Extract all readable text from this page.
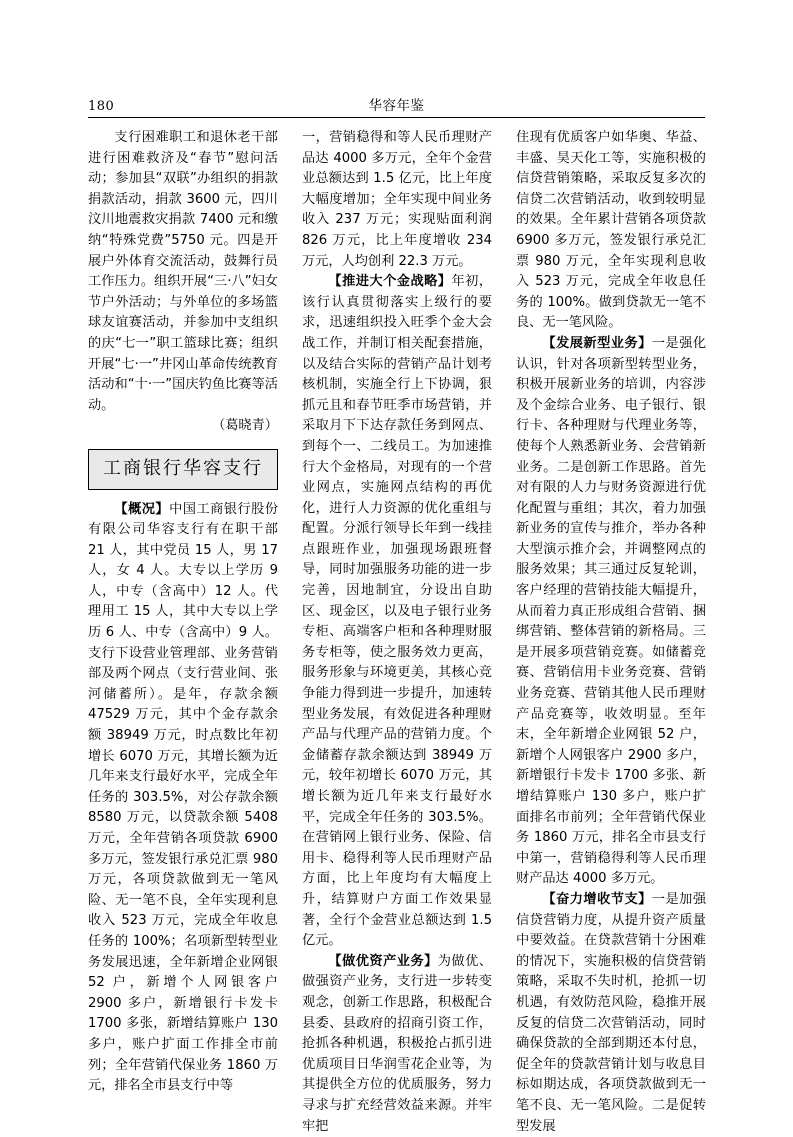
180	华容年鉴

支行困难职工和退休老干部进行困难救济及“春节”慰问活动；参加县“双联”办组织的捐款捐款活动，捐款 3600 元，四川汶川地震救灾捐款 7400 元和缴纳“特殊党费”5750 元。四是开展户外体育交流活动，鼓舞行员工作压力。组织开展“三·八”妇女节户外活动；与外单位的多场篮球友谊赛活动，并参加中支组织的庆“七一”职工篮球比赛；组织开展“七·一”井冈山革命传统教育活动和“十·一”国庆钓鱼比赛等活动。

（葛晓青）

工商银行华容支行

【概况】中国工商银行股份有限公司华容支行有在职干部 21 人，其中党员 15 人，男 17 人，女 4 人。大专以上学历 9 人，中专（含高中）12 人。代理用工 15 人，其中大专以上学历 6 人、中专（含高中）9 人。支行下设营业管理部、业务营销部及两个网点（支行营业间、张河储蓄所）。是年，存款余额 47529 万元，其中个金存款余额 38949 万元，时点数比年初增长 6070 万元，其增长额为近几年来支行最好水平，完成全年任务的 303.5%，对公存款余额 8580 万元，以贷款余额 5408 万元，全年营销各项贷款 6900 多万元，签发银行承兑汇票 980 万元，各项贷款做到无一笔风险、无一笔不良，全年实现利息收入 523 万元，完成全年收息任务的 100%；名项新型转型业务发展迅速，全年新增企业网银 52 户，新增个人网银客户 2900 多户，新增银行卡发卡 1700 多张，新增结算账户 130 多户，账户扩面工作排全市前列；全年营销代保业务 1860 万元，排名全市县支行中等

一，营销稳得和等人民币理财产品达 4000 多万元，全年个金营业总额达到 1.5 亿元，比上年度大幅度增加；全年实现中间业务收入 237 万元；实现贴面利润 826 万元，比上年度增收 234 万元，人均创利 22.3 万元。

【推进大个金战略】年初，该行认真贯彻落实上级行的要求，迅速组织投入旺季个金大会战工作，并制订相关配套措施，以及结合实际的营销产品计划考核机制，实施全行上下协调，狠抓元且和春节旺季市场营销，并采取月下下达存款任务到网点、到每个一、二线员工。为加速推行大个金格局，对现有的一个营业网点，实施网点结构的再优化，进行人力资源的优化重组与配置。分派行领导长年到一线挂点跟班作业，加强现场跟班督导，同时加强服务功能的进一步完善，因地制宜，分设出自助区、现金区，以及电子银行业务专柜、高端客户柜和各种理财服务专柜等，使之服务效力更高，服务形象与环境更美，其核心竞争能力得到进一步提升，加速转型业务发展，有效促进各种理财产品与代理产品的营销力度。个金储蓄存款余额达到 38949 万元，较年初增长 6070 万元，其增长额为近几年来支行最好水平，完成全年任务的 303.5%。在营销网上银行业务、保险、信用卡、稳得利等人民币理财产品方面，比上年度均有大幅度上升，结算财户方面工作效果显著，全行个金营业总额达到 1.5 亿元。

【做优资产业务】为做优、做强资产业务，支行进一步转变观念，创新工作思路，积极配合县委、县政府的招商引资工作，抢抓各种机遇，积极抢占抓引进优质项目日华润雪花企业等，为其提供全方位的优质服务，努力寻求与扩充经营效益来源。并牢牢把

住现有优质客户如华奥、华益、丰盛、昊天化工等，实施积极的信贷营销策略，采取反复多次的信贷二次营销活动，收到较明显的效果。全年累计营销各项贷款 6900 多万元，签发银行承兑汇票 980 万元，全年实现利息收入 523 万元，完成全年收息任务的 100%。做到贷款无一笔不良、无一笔风险。

【发展新型业务】一是强化认识，针对各项新型转型业务，积极开展新业务的培训，内容涉及个金综合业务、电子银行、银行卡、各种理财与代理业务等，使每个人熟悉新业务、会营销新业务。二是创新工作思路。首先对有限的人力与财务资源进行优化配置与重组；其次，着力加强新业务的宣传与推介，举办各种大型演示推介会，并调整网点的服务效果；其三通过反复轮训，客户经理的营销技能大幅提升，从而着力真正形成组合营销、捆绑营销、整体营销的新格局。三是开展多项营销竞赛。如储蓄竞赛、营销信用卡业务竞赛、营销业务竞赛、营销其他人民币理财产品竞赛等，收效明显。至年末，全年新增企业网银 52 户，新增个人网银客户 2900 多户，新增银行卡发卡 1700 多张、新增结算账户 130 多户，账户扩面排名市前列；全年营销代保业务 1860 万元，排名全市县支行中第一，营销稳得利等人民币理财产品达 4000 多万元。

【奋力增收节支】一是加强信贷营销力度，从提升资产质量中要效益。在贷款营销十分困难的情况下，实施积极的信贷营销策略，采取不失时机，抢抓一切机遇，有效防范风险，稳推开展反复的信贷二次营销活动，同时确保贷款的全部到期还本付息，促全年的贷款营销计划与收息目标如期达成，各项贷款做到无一笔不良、无一笔风险。二是促转型发展
